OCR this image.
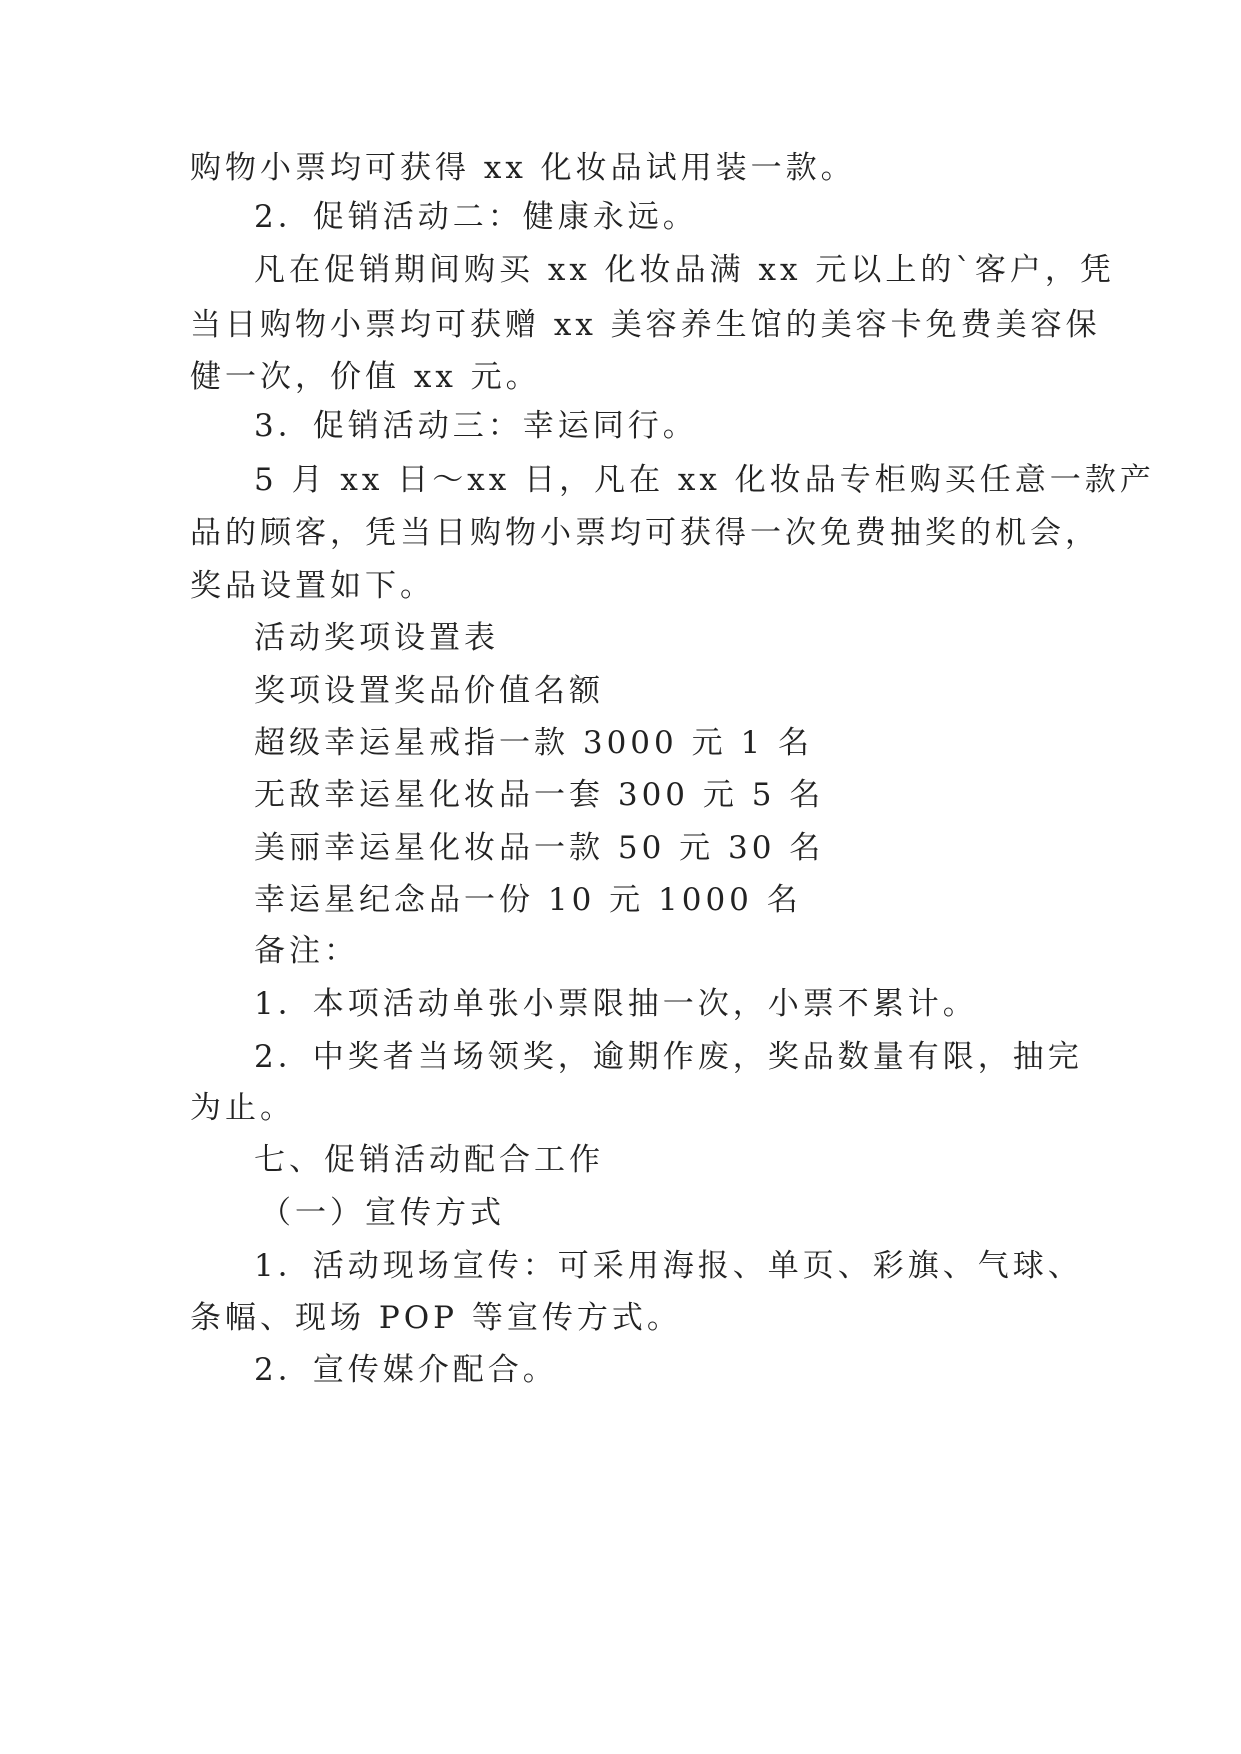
购物小票均可获得 xx 化妆品试用装一款。
2．促销活动二：健康永远。
凡在促销期间购买 xx 化妆品满 xx 元以上的`客户，凭
当日购物小票均可获赠 xx 美容养生馆的美容卡免费美容保
健一次，价值 xx 元。
3．促销活动三：幸运同行。
5 月 xx 日～xx 日，凡在 xx 化妆品专柜购买任意一款产
品的顾客，凭当日购物小票均可获得一次免费抽奖的机会，
奖品设置如下。
活动奖项设置表
奖项设置奖品价值名额
超级幸运星戒指一款 3000 元 1 名
无敌幸运星化妆品一套 300 元 5 名
美丽幸运星化妆品一款 50 元 30 名
幸运星纪念品一份 10 元 1000 名
备注：
1．本项活动单张小票限抽一次，小票不累计。
2．中奖者当场领奖，逾期作废，奖品数量有限，抽完
为止。
七、促销活动配合工作
（一）宣传方式
1．活动现场宣传：可采用海报、单页、彩旗、气球、
条幅、现场 POP 等宣传方式。
2．宣传媒介配合。
